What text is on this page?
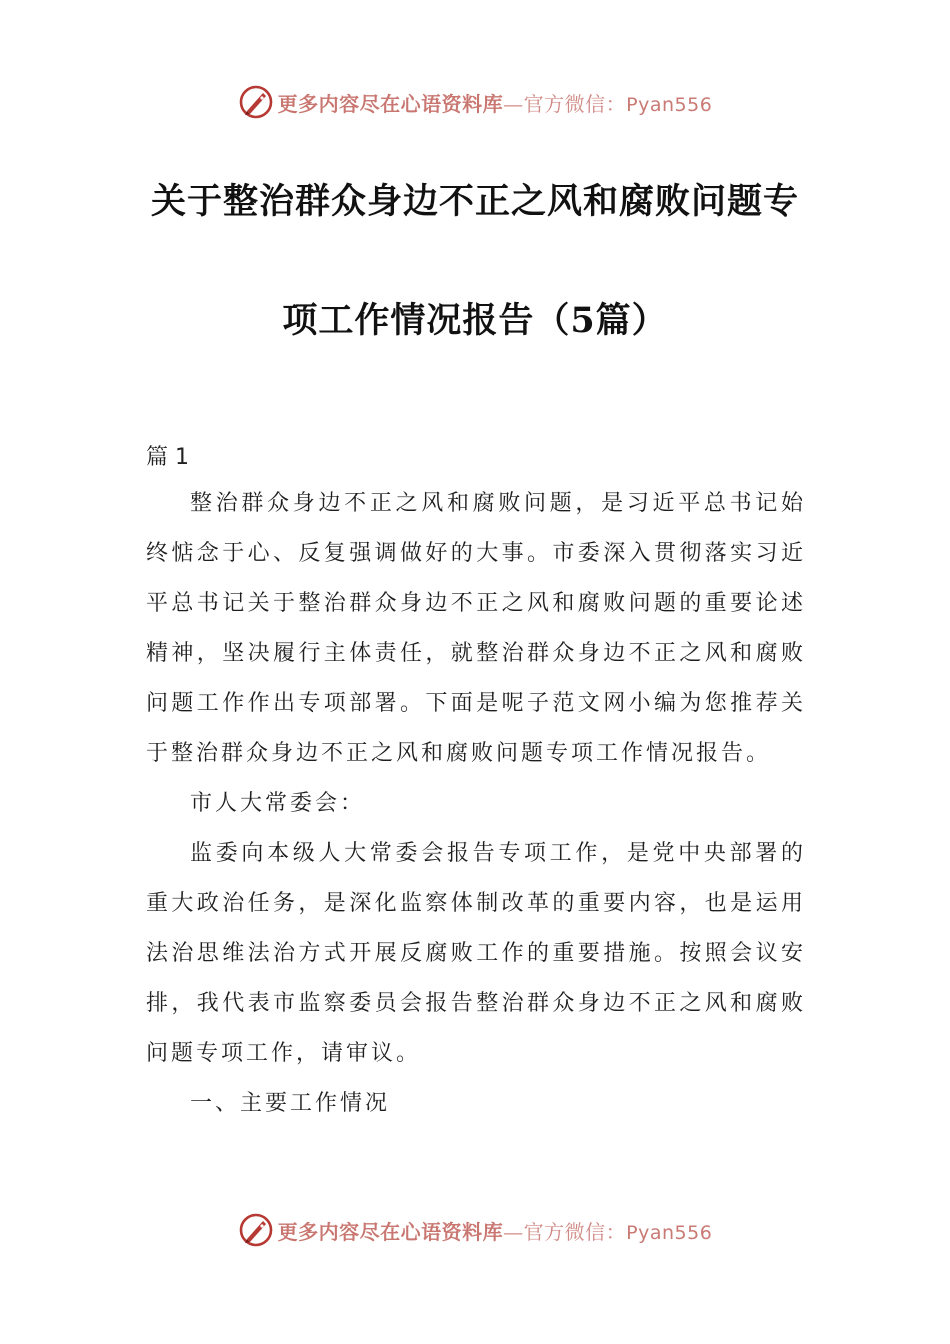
更多内容尽在心语资料库—官方微信：Pyan556
关于整治群众身边不正之风和腐败问题专
项工作情况报告（5篇）
篇 1

整治群众身边不正之风和腐败问题，是习近平总书记始终惦念于心、反复强调做好的大事。市委深入贯彻落实习近平总书记关于整治群众身边不正之风和腐败问题的重要论述精神，坚决履行主体责任，就整治群众身边不正之风和腐败问题工作作出专项部署。下面是呢子范文网小编为您推荐关于整治群众身边不正之风和腐败问题专项工作情况报告。

市人大常委会：

监委向本级人大常委会报告专项工作，是党中央部署的重大政治任务，是深化监察体制改革的重要内容，也是运用法治思维法治方式开展反腐败工作的重要措施。按照会议安排，我代表市监察委员会报告整治群众身边不正之风和腐败问题专项工作，请审议。

一、主要工作情况

更多内容尽在心语资料库—官方微信：Pyan556
